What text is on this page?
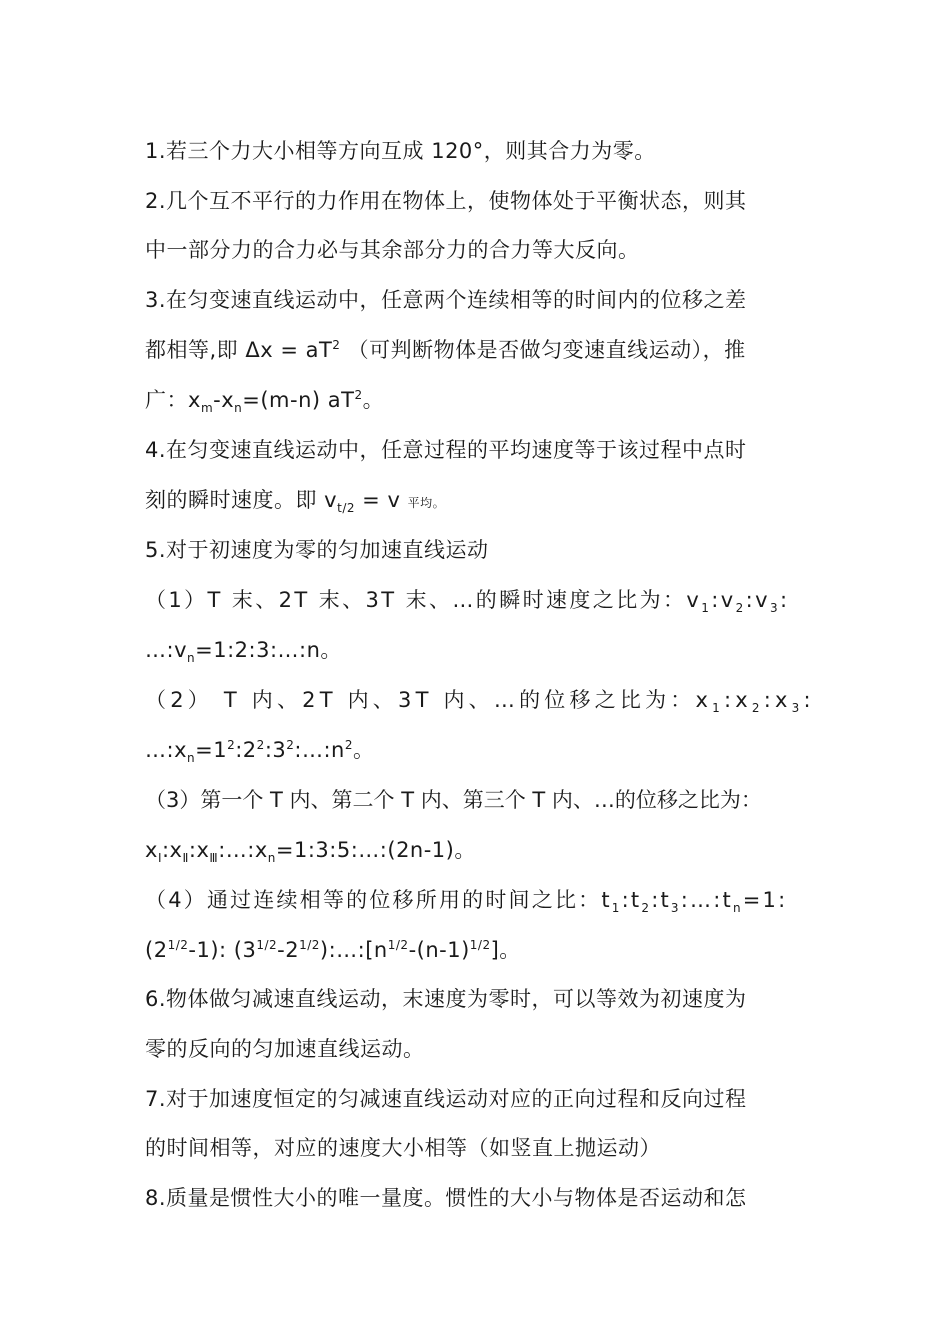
1.若三个力大小相等方向互成 120°，则其合力为零。
2.几个互不平行的力作用在物体上，使物体处于平衡状态，则其
中一部分力的合力必与其余部分力的合力等大反向。
3.在匀变速直线运动中，任意两个连续相等的时间内的位移之差
都相等,即 $\Delta x = aT^2$ （可判断物体是否做匀变速直线运动），推
广：$x_m-x_n=(m-n)$ $aT^2$。
4.在匀变速直线运动中，任意过程的平均速度等于该过程中点时
刻的瞬时速度。即 $v_{t/2} = v$ 平均。
5.对于初速度为零的匀加速直线运动
（1）T 末、2T 末、3T 末、…的瞬时速度之比为：$v_1:v_2:v_3$:
$\dots:v_n=1:2:3:\dots:n$。
（2） T 内、2T 内、3T 内、…的位移之比为：$x_1:x_2:x_3$:
$\dots:x_n=1^2:2^2:3^2:\dots:n^2$。
（3）第一个 T 内、第二个 T 内、第三个 T 内、…的位移之比为：
$x_Ⅰ:x_Ⅱ:x_Ⅲ:\dots:x_n=1:3:5:\dots:(2n-1)$。
（4）通过连续相等的位移所用的时间之比：$t_1:t_2:t_3:\dots:t_n=1$:
$(2^{1/2}-1)$: $(3^{1/2}-2^{1/2}):\dots:[n^{1/2}-(n-1)^{1/2}]$。
6.物体做匀减速直线运动，末速度为零时，可以等效为初速度为
零的反向的匀加速直线运动。
7.对于加速度恒定的匀减速直线运动对应的正向过程和反向过程
的时间相等，对应的速度大小相等（如竖直上抛运动）
8.质量是惯性大小的唯一量度。惯性的大小与物体是否运动和怎
